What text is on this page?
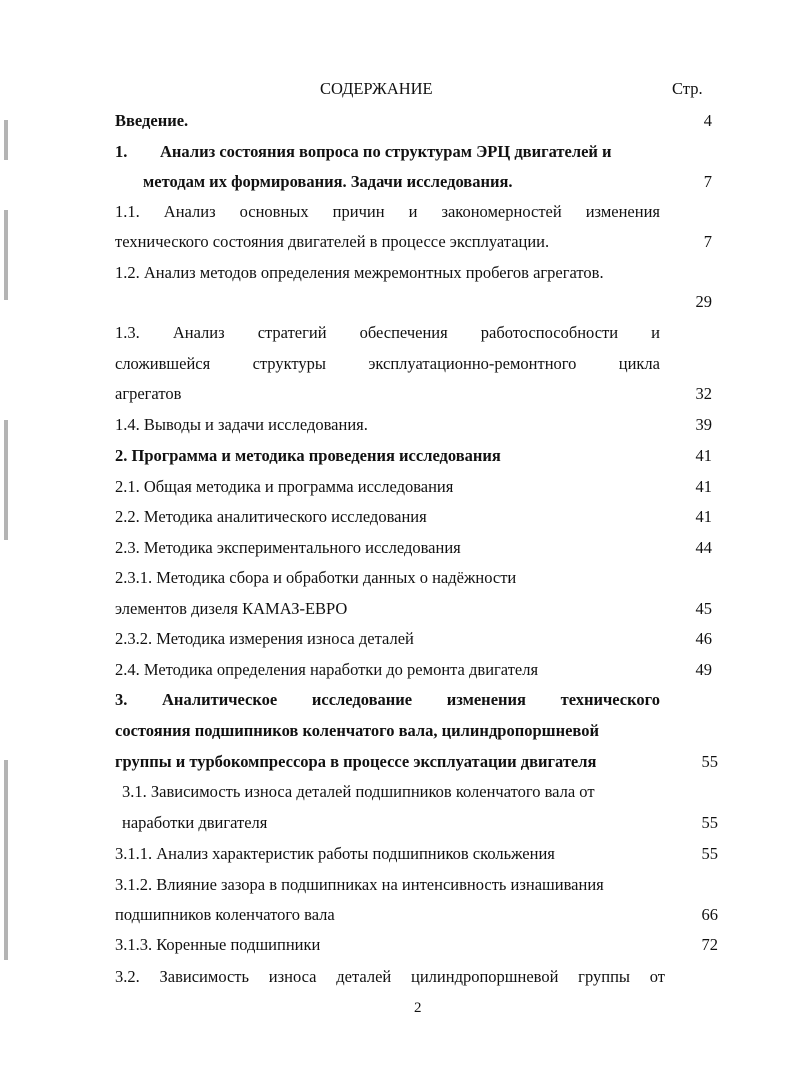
СОДЕРЖАНИЕ	Стр.
Введение.	4
1. Анализ состояния вопроса по структурам ЭРЦ двигателей и
методам их формирования. Задачи исследования.	7
1.1. Анализ основных причин и закономерностей изменения
технического состояния двигателей в процессе эксплуатации.	7
1.2. Анализ методов определения межремонтных пробегов агрегатов.
29
1.3. Анализ стратегий обеспечения работоспособности и
сложившейся структуры эксплуатационно-ремонтного цикла
агрегатов	32
1.4. Выводы и задачи исследования.	39
2. Программа и методика проведения исследования	41
2.1. Общая методика и программа исследования	41
2.2. Методика аналитического исследования	41
2.3. Методика экспериментального исследования	44
2.3.1. Методика сбора и обработки данных о надёжности
элементов дизеля КАМАЗ-ЕВРО	45
2.3.2. Методика измерения износа деталей	46
2.4. Методика определения наработки до ремонта двигателя	49
3. Аналитическое исследование изменения технического
состояния подшипников коленчатого вала, цилиндропоршневой
группы и турбокомпрессора в процессе эксплуатации двигателя	55
3.1. Зависимость износа деталей подшипников коленчатого вала от
наработки двигателя	55
3.1.1. Анализ характеристик работы подшипников скольжения	55
3.1.2. Влияние зазора в подшипниках на интенсивность изнашивания
подшипников коленчатого вала	66
3.1.3. Коренные подшипники	72
3.2. Зависимость износа деталей цилиндропоршневой группы от
2
